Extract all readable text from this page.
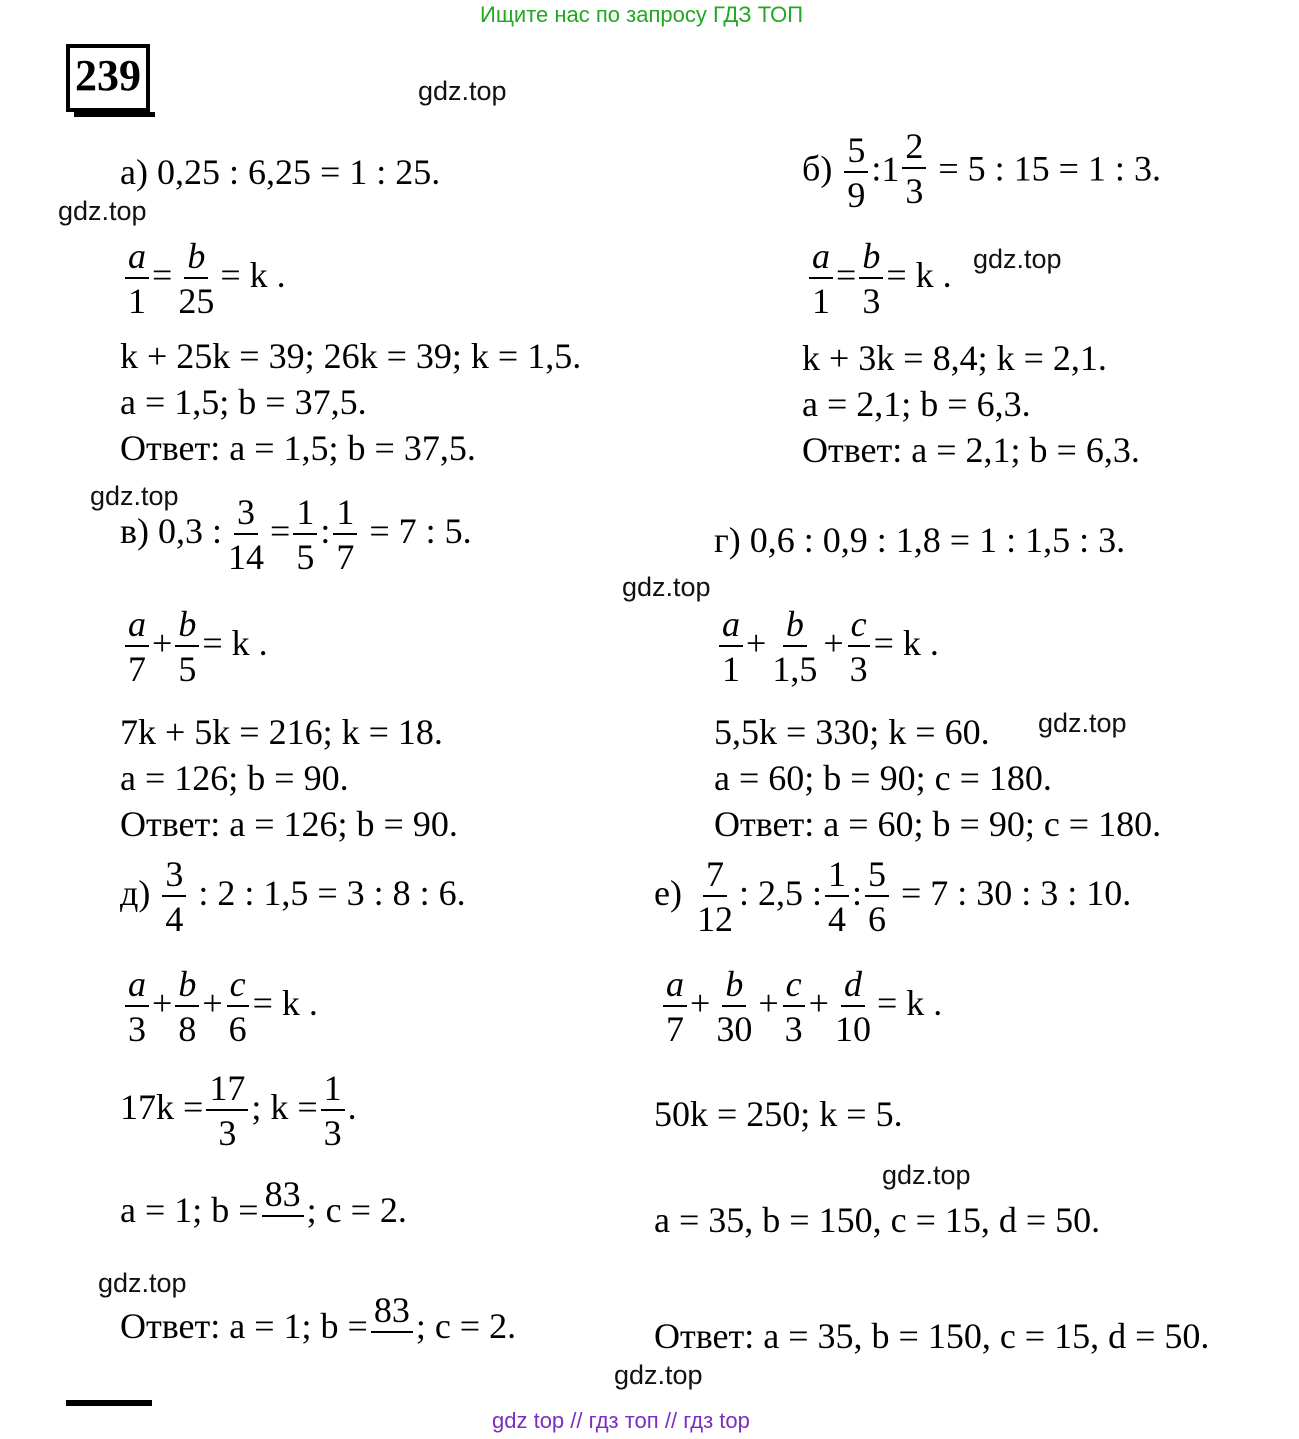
Ищите нас по запросу ГДЗ ТОП
239	gdz.top
gdz.top
gdz.top
gdz.top
gdz.top
gdz.top
gdz.top
gdz.top
gdz.top
а) 0,25 : 6,25 = 1 : 25.
$\frac{a}{1} = \frac{b}{25} = k$ .
k + 25k = 39; 26k = 39; k = 1,5.
a = 1,5; b = 37,5.
Ответ: a = 1,5; b = 37,5.
$б) \frac{5}{9}$ : $1 \frac{2}{3} = 5$ : 15 = 1 : 3.
$\frac{a}{1} = \frac{b}{3} = k$ .
k + 3k = 8,4; k = 2,1.
a = 2,1; b = 6,3.
Ответ: a = 2,1; b = 6,3.
в) 0,3 : $\frac{3}{14} = \frac{1}{5}$ : $\frac{1}{7} = 7$ : 5.
$\frac{a}{7} + \frac{b}{5} = k$ .
7k + 5k = 216; k = 18.
a = 126; b = 90.
Ответ: a = 126; b = 90.
г) 0,6 : 0,9 : 1,8 = 1 : 1,5 : 3.
$\frac{a}{1} + \frac{b}{1,5} + \frac{c}{3} = k$ .
5,5k = 330; k = 60.
a = 60; b = 90; c = 180.
Ответ: a = 60; b = 90; c = 180.
$д) \frac{3}{4}$ : 2 : 1,5 = 3 : 8 : 6.
$\frac{a}{3} + \frac{b}{8} + \frac{c}{6} = k$ .
$17k = \frac{17}{3}$ ; $k = \frac{1}{3}$ .
a = 1; b = 83 ; c = 2.
Ответ: a = 1; b = 83 ; c = 2.
$е) \frac{7}{12}$ : 2,5 : $\frac{1}{4}$ : $\frac{5}{6} = 7$ : 30 : 3 : 10.
$\frac{a}{7} + \frac{b}{30} + \frac{c}{3} + \frac{d}{10} = k$ .
50k = 250; k = 5.
a = 35, b = 150, c = 15, d = 50.
Ответ: a = 35, b = 150, c = 15, d = 50.
gdz top // гдз топ // гдз top
